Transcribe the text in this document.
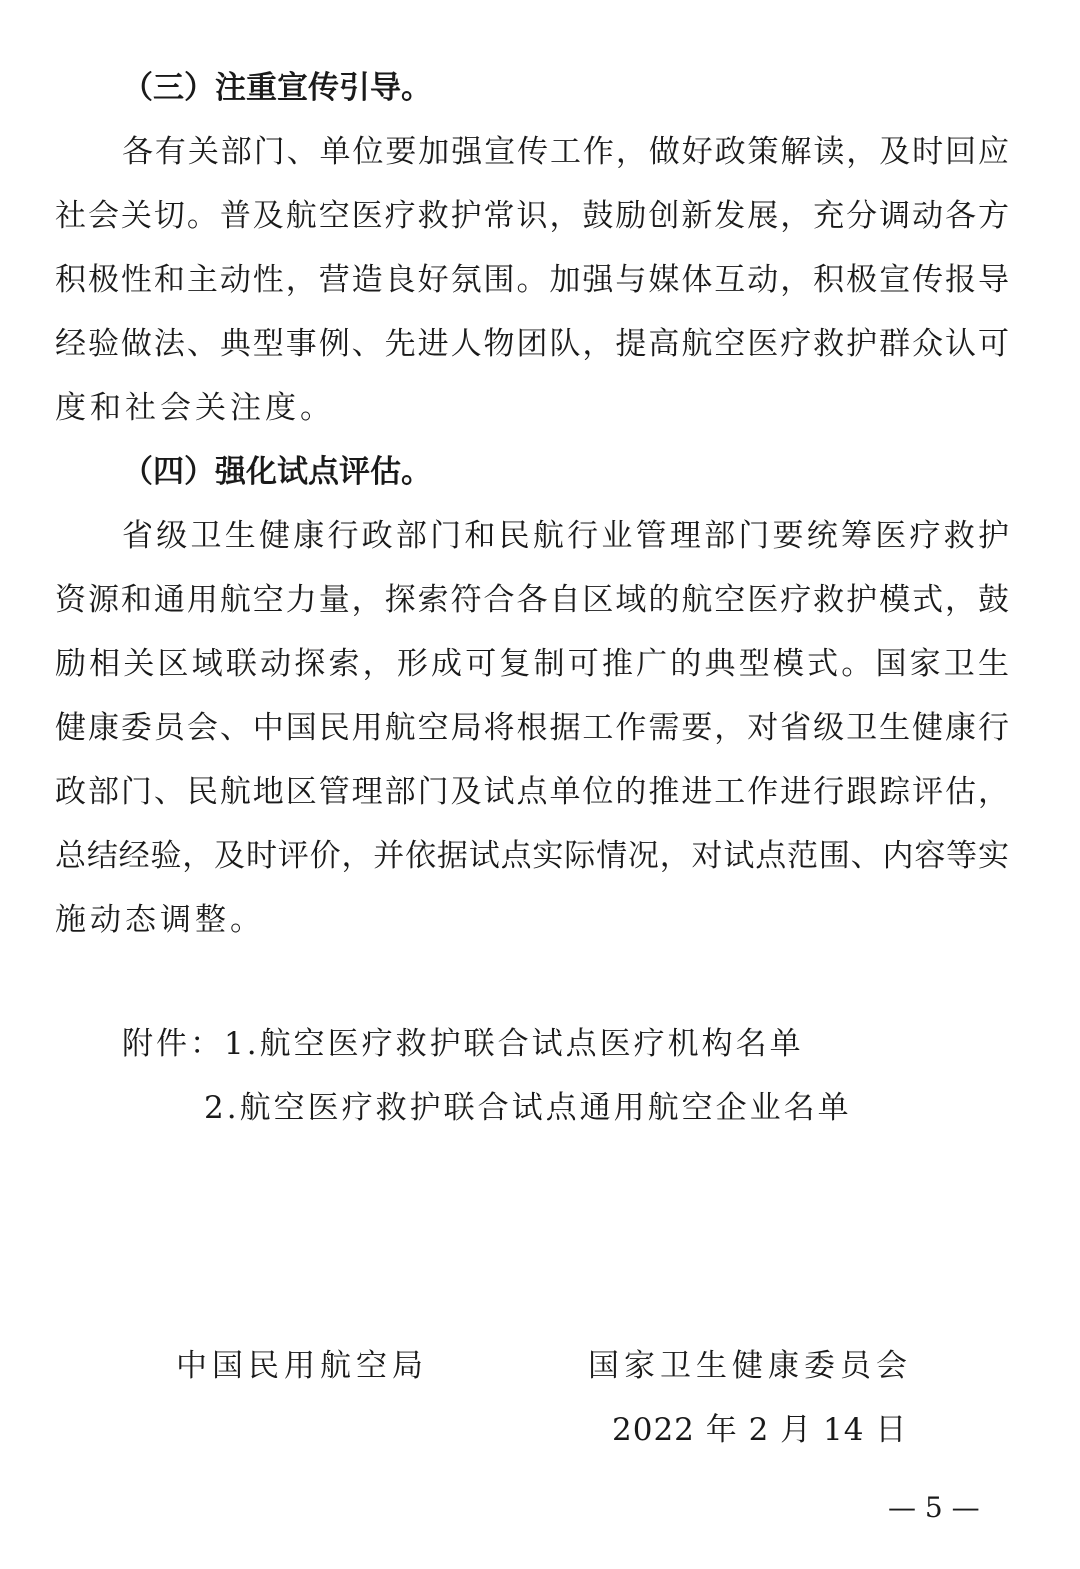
（三）注重宣传引导。
各有关部门、单位要加强宣传工作，做好政策解读，及时回应
社会关切。普及航空医疗救护常识，鼓励创新发展，充分调动各方
积极性和主动性，营造良好氛围。加强与媒体互动，积极宣传报导
经验做法、典型事例、先进人物团队，提高航空医疗救护群众认可
度和社会关注度。
（四）强化试点评估。
省级卫生健康行政部门和民航行业管理部门要统筹医疗救护
资源和通用航空力量，探索符合各自区域的航空医疗救护模式，鼓
励相关区域联动探索，形成可复制可推广的典型模式。国家卫生
健康委员会、中国民用航空局将根据工作需要，对省级卫生健康行
政部门、民航地区管理部门及试点单位的推进工作进行跟踪评估，
总结经验，及时评价，并依据试点实际情况，对试点范围、内容等实
施动态调整。
附件：1.航空医疗救护联合试点医疗机构名单
2.航空医疗救护联合试点通用航空企业名单
中国民用航空局	国家卫生健康委员会
2022 年 2 月 14 日
— 5 —
